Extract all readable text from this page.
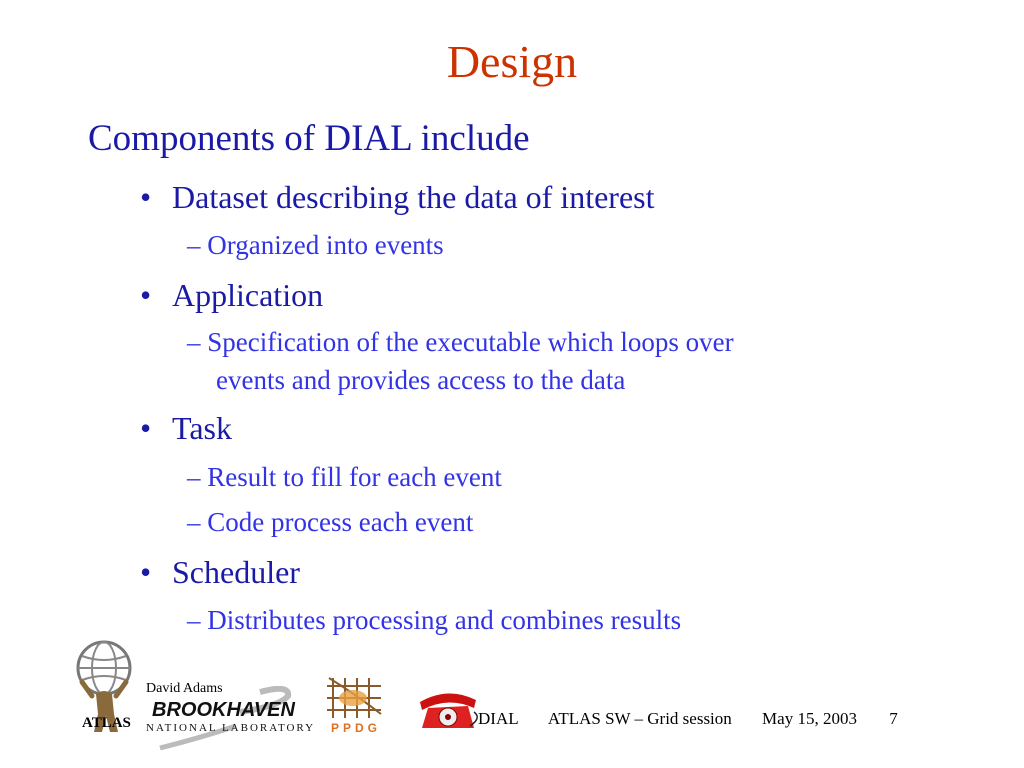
Design
Components of DIAL include
• Dataset describing the data of interest
– Organized into events
• Application
– Specification of the executable which loops over
events and provides access to the data
• Task
– Result to fill for each event
– Code process each event
• Scheduler
– Distributes processing and combines results
ATLAS
David Adams
BROOKHAVEN
NATIONAL LABORATORY PPDG	DIAL ATLAS SW – Grid session May 15, 2003 7
